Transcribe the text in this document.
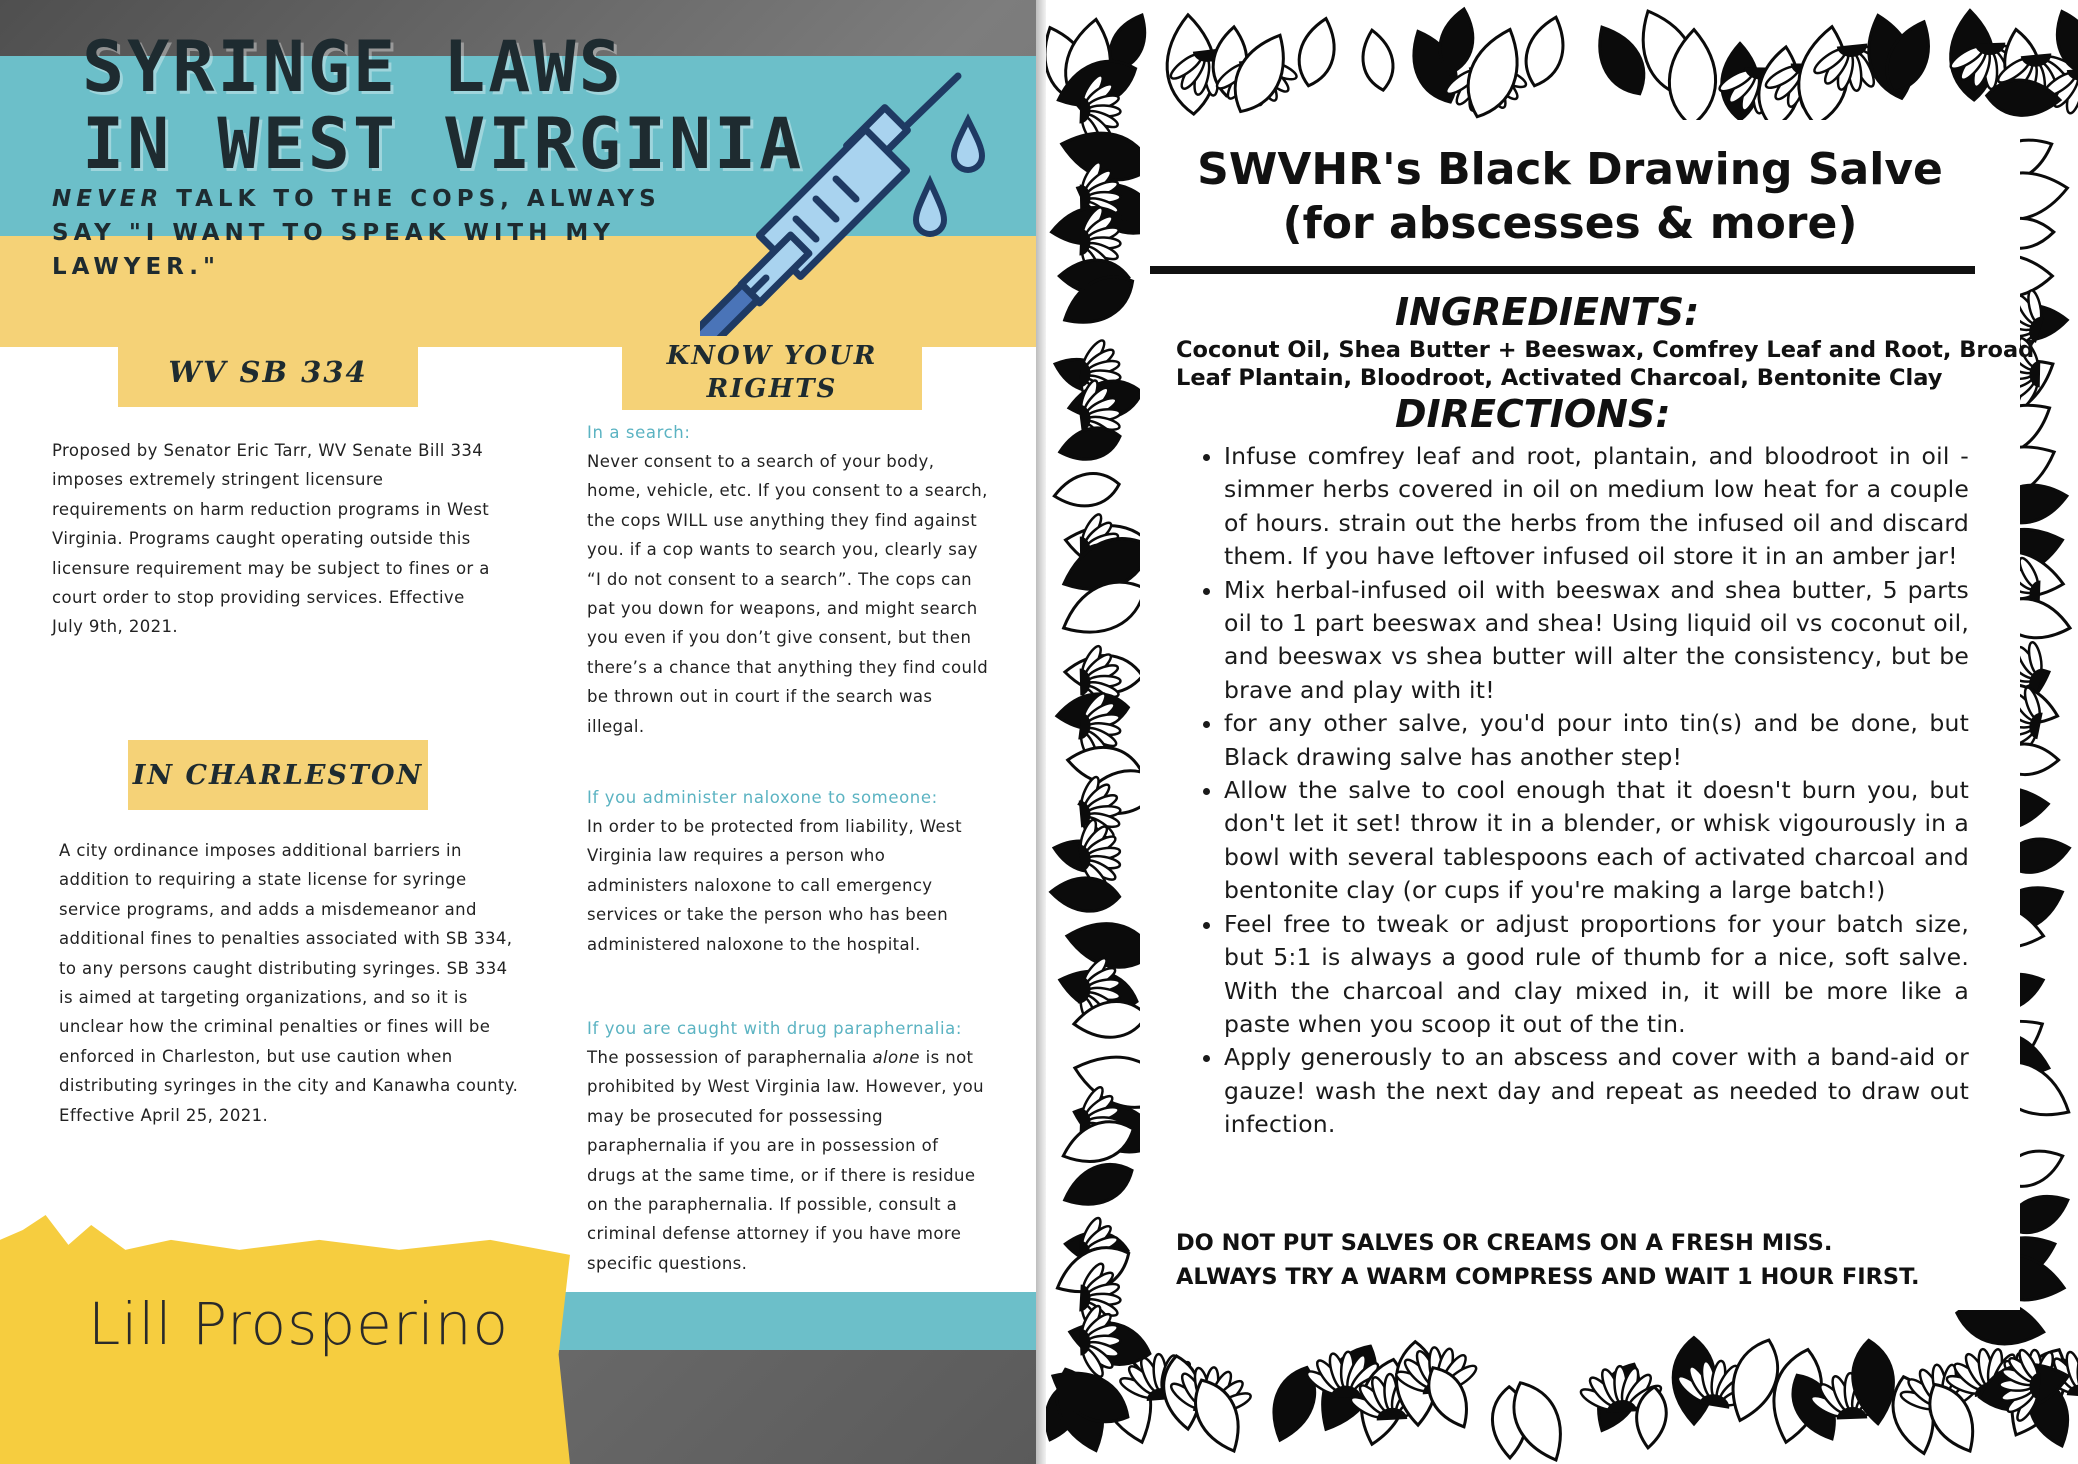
SYRINGE LAWS
IN WEST VIRGINIA
NEVER TALK TO THE COPS, ALWAYS
SAY "I WANT TO SPEAK WITH MY
LAWYER."
WV SB 334
Proposed by Senator Eric Tarr, WV Senate Bill 334 imposes extremely stringent licensure requirements on harm reduction programs in West Virginia. Programs caught operating outside this licensure requirement may be subject to fines or a court order to stop providing services. Effective July 9th, 2021.
IN CHARLESTON
A city ordinance imposes additional barriers in addition to requiring a state license for syringe service programs, and adds a misdemeanor and additional fines to penalties associated with SB 334, to any persons caught distributing syringes. SB 334 is aimed at targeting organizations, and so it is unclear how the criminal penalties or fines will be enforced in Charleston, but use caution when distributing syringes in the city and Kanawha county. Effective April 25, 2021.
KNOW YOUR
RIGHTS
In a search:
Never consent to a search of your body, home, vehicle, etc. If you consent to a search, the cops WILL use anything they find against you. if a cop wants to search you, clearly say “I do not consent to a search”. The cops can pat you down for weapons, and might search you even if you don’t give consent, but then there’s a chance that anything they find could be thrown out in court if the search was illegal.
If you administer naloxone to someone:
In order to be protected from liability, West Virginia law requires a person who administers naloxone to call emergency services or take the person who has been administered naloxone to the hospital.
If you are caught with drug paraphernalia:
The possession of paraphernalia alone is not prohibited by West Virginia law. However, you may be prosecuted for possessing paraphernalia if you are in possession of drugs at the same time, or if there is residue on the paraphernalia. If possible, consult a criminal defense attorney if you have more specific questions.
Lill Prosperino
SWVHR's Black Drawing Salve
(for abscesses & more)
INGREDIENTS:
Coconut Oil, Shea Butter + Beeswax, Comfrey Leaf and Root, Broad Leaf Plantain, Bloodroot, Activated Charcoal, Bentonite Clay
DIRECTIONS:
• Infuse comfrey leaf and root, plantain, and bloodroot in oil - simmer herbs covered in oil on medium low heat for a couple of hours. strain out the herbs from the infused oil and discard them. If you have leftover infused oil store it in an amber jar!
• Mix herbal-infused oil with beeswax and shea butter, 5 parts oil to 1 part beeswax and shea! Using liquid oil vs coconut oil, and beeswax vs shea butter will alter the consistency, but be brave and play with it!
• for any other salve, you'd pour into tin(s) and be done, but Black drawing salve has another step!
• Allow the salve to cool enough that it doesn't burn you, but don't let it set! throw it in a blender, or whisk vigourously in a bowl with several tablespoons each of activated charcoal and bentonite clay (or cups if you're making a large batch!)
• Feel free to tweak or adjust proportions for your batch size, but 5:1 is always a good rule of thumb for a nice, soft salve. With the charcoal and clay mixed in, it will be more like a paste when you scoop it out of the tin.
• Apply generously to an abscess and cover with a band-aid or gauze! wash the next day and repeat as needed to draw out infection.
DO NOT PUT SALVES OR CREAMS ON A FRESH MISS.
ALWAYS TRY A WARM COMPRESS AND WAIT 1 HOUR FIRST.
